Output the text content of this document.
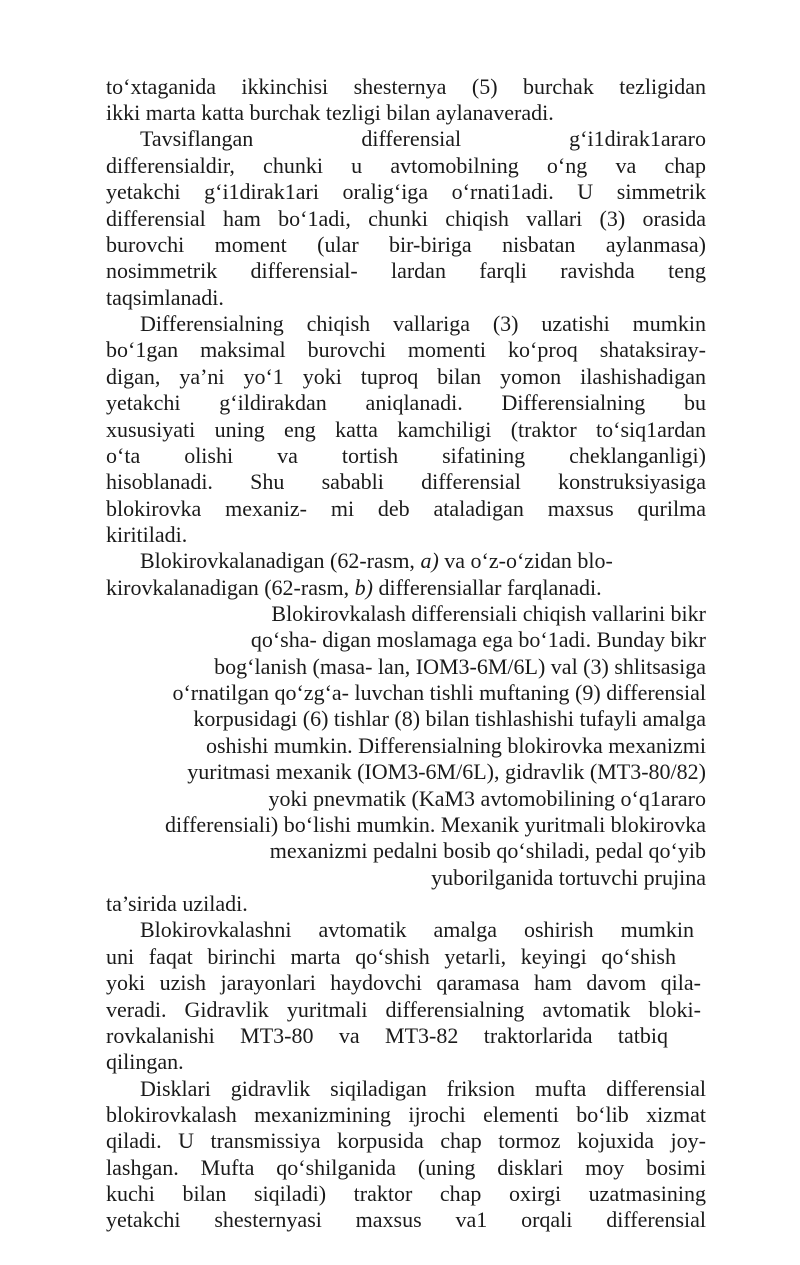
to‘xtaganida ikkinchisi shesternya (5) burchak tezligidan
ikki marta katta burchak tezligi bilan aylanaveradi.
Tavsiflangan differensial g‘i1dirak1araro
differensialdir, chunki u avtomobilning o‘ng va chap
yetakchi g‘i1dirak1ari oralig‘iga o‘rnati1adi. U simmetrik
differensial ham bo‘1adi, chunki chiqish vallari (3) orasida
burovchi moment (ular bir-biriga nisbatan aylanmasa)
nosimmetrik differensial- lardan farqli ravishda teng
taqsimlanadi.
Differensialning chiqish vallariga (3) uzatishi mumkin
bo‘1gan maksimal burovchi momenti ko‘proq shataksiray-
digan, ya’ni yo‘1 yoki tuproq bilan yomon ilashishadigan
yetakchi g‘ildirakdan aniqlanadi. Differensialning bu
xususiyati uning eng katta kamchiligi (traktor to‘siq1ardan
o‘ta olishi va tortish sifatining cheklanganligi)
hisoblanadi. Shu sababli differensial konstruksiyasiga
blokirovka mexaniz- mi deb ataladigan maxsus qurilma
kiritiladi.
Blokirovkalanadigan (62-rasm, a) va o‘z-o‘zidan blo-
kirovkalanadigan (62-rasm, b) differensiallar farqlanadi.
Blokirovkalash differensiali chiqish vallarini bikr
qo‘sha- digan moslamaga ega bo‘1adi. Bunday bikr
bog‘lanish (masa- lan, IOM3-6M/6L) val (3) shlitsasiga
o‘rnatilgan qo‘zg‘a- luvchan tishli muftaning (9) differensial
korpusidagi (6) tishlar (8) bilan tishlashishi tufayli amalga
oshishi mumkin. Differensialning blokirovka mexanizmi
yuritmasi mexanik (IOM3-6M/6L), gidravlik (MT3-80/82)
yoki pnevmatik (KaM3 avtomobilining o‘q1araro
differensiali) bo‘lishi mumkin. Mexanik yuritmali blokirovka
mexanizmi pedalni bosib qo‘shiladi, pedal qo‘yib
yuborilganida tortuvchi prujina
ta’sirida uziladi.
Blokirovkalashni avtomatik amalga oshirish mumkin
uni faqat birinchi marta qo‘shish yetarli, keyingi qo‘shish
yoki uzish jarayonlari haydovchi qaramasa ham davom qila-
veradi. Gidravlik yuritmali differensialning avtomatik bloki-
rovkalanishi MT3-80 va MT3-82 traktorlarida tatbiq
qilingan.
Disklari gidravlik siqiladigan friksion mufta differensial
blokirovkalash mexanizmining ijrochi elementi bo‘lib xizmat
qiladi. U transmissiya korpusida chap tormoz kojuxida joy-
lashgan. Mufta qo‘shilganida (uning disklari moy bosimi
kuchi bilan siqiladi) traktor chap oxirgi uzatmasining
yetakchi shesternyasi maxsus va1 orqali differensial
